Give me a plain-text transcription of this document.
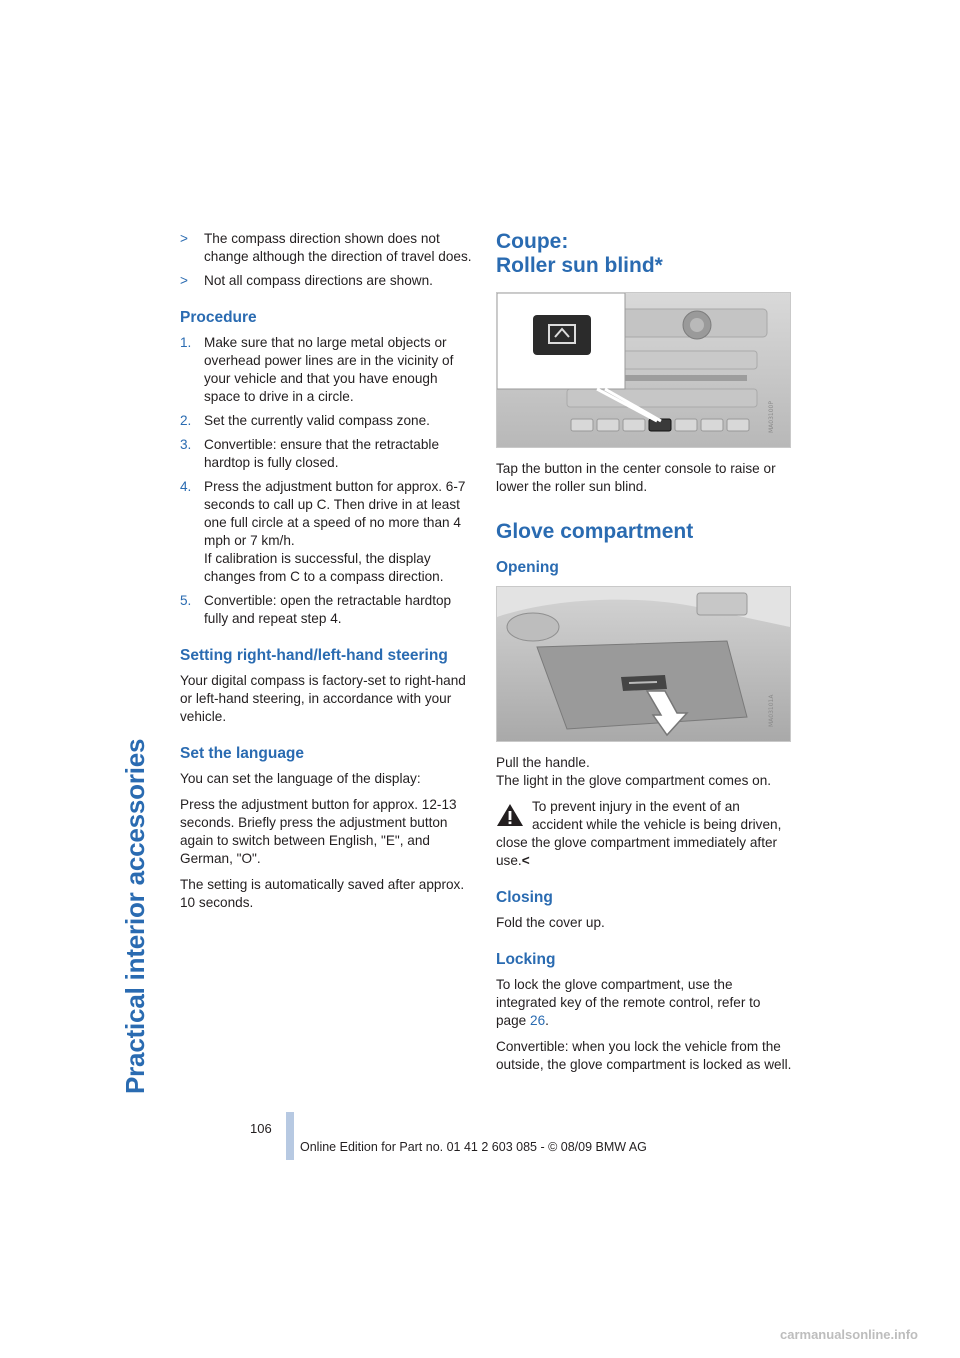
Practical interior accessories
> The compass direction shown does not change although the direction of travel does.
> Not all compass directions are shown.
Procedure
1. Make sure that no large metal objects or overhead power lines are in the vicinity of your vehicle and that you have enough space to drive in a circle.
2. Set the currently valid compass zone.
3. Convertible: ensure that the retractable hardtop is fully closed.
4. Press the adjustment button for approx. 6-7 seconds to call up C. Then drive in at least one full circle at a speed of no more than 4 mph or 7 km/h.
If calibration is successful, the display changes from C to a compass direction.
5. Convertible: open the retractable hardtop fully and repeat step 4.
Setting right-hand/left-hand steering

Your digital compass is factory-set to right-hand or left-hand steering, in accordance with your vehicle.

Set the language

You can set the language of the display:

Press the adjustment button for approx. 12-13 seconds. Briefly press the adjustment button again to switch between English, "E", and German, "O".

The setting is automatically saved after approx. 10 seconds.

Coupe:
Roller sun blind*
MA03100P

Tap the button in the center console to raise or lower the roller sun blind.

Glove compartment
Opening
MA03101A

Pull the handle.

The light in the glove compartment comes on.

To prevent injury in the event of an accident while the vehicle is being driven, close the glove compartment immediately after use.<

Closing

Fold the cover up.

Locking

To lock the glove compartment, use the integrated key of the remote control, refer to page 26.

Convertible: when you lock the vehicle from the outside, the glove compartment is locked as well.

106
Online Edition for Part no. 01 41 2 603 085 - © 08/09 BMW AG
carmanualsonline.info
